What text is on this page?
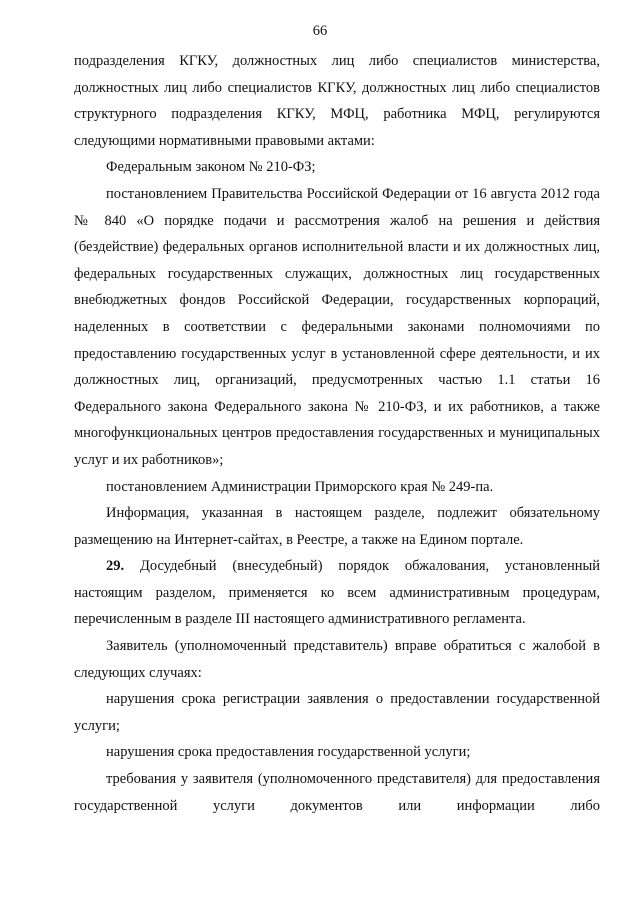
66

подразделения КГКУ, должностных лиц либо специалистов министерства, должностных лиц либо специалистов КГКУ, должностных лиц либо специалистов структурного подразделения КГКУ, МФЦ, работника МФЦ, регулируются следующими нормативными правовыми актами:

Федеральным законом № 210-ФЗ;

постановлением Правительства Российской Федерации от 16 августа 2012 года № 840 «О порядке подачи и рассмотрения жалоб на решения и действия (бездействие) федеральных органов исполнительной власти и их должностных лиц, федеральных государственных служащих, должностных лиц государственных внебюджетных фондов Российской Федерации, государственных корпораций, наделенных в соответствии с федеральными законами полномочиями по предоставлению государственных услуг в установленной сфере деятельности, и их должностных лиц, организаций, предусмотренных частью 1.1 статьи 16 Федерального закона Федерального закона № 210-ФЗ, и их работников, а также многофункциональных центров предоставления государственных и муниципальных услуг и их работников»;

постановлением Администрации Приморского края № 249-па.

Информация, указанная в настоящем разделе, подлежит обязательному размещению на Интернет-сайтах, в Реестре, а также на Едином портале.

29. Досудебный (внесудебный) порядок обжалования, установленный настоящим разделом, применяется ко всем административным процедурам, перечисленным в разделе III настоящего административного регламента.

Заявитель (уполномоченный представитель) вправе обратиться с жалобой в следующих случаях:

нарушения срока регистрации заявления о предоставлении государственной услуги;

нарушения срока предоставления государственной услуги;

требования у заявителя (уполномоченного представителя) для предоставления государственной услуги документов или информации либо
